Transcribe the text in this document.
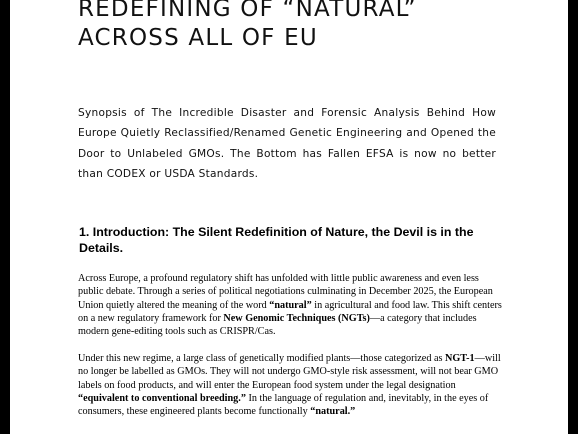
REDEFINING OF “NATURAL”
ACROSS ALL OF EU

Synopsis of The Incredible Disaster and Forensic Analysis Behind How Europe Quietly Reclassified/Renamed Genetic Engineering and Opened the Door to Unlabeled GMOs. The Bottom has Fallen EFSA is now no better than CODEX or USDA Standards.

1. Introduction: The Silent Redefinition of Nature, the Devil is in the Details.

Across Europe, a profound regulatory shift has unfolded with little public awareness and even less public debate. Through a series of political negotiations culminating in December 2025, the European Union quietly altered the meaning of the word “natural” in agricultural and food law. This shift centers on a new regulatory framework for New Genomic Techniques (NGTs)—a category that includes modern gene-editing tools such as CRISPR/Cas.

Under this new regime, a large class of genetically modified plants—those categorized as NGT-1—will no longer be labelled as GMOs. They will not undergo GMO-style risk assessment, will not bear GMO labels on food products, and will enter the European food system under the legal designation “equivalent to conventional breeding.” In the language of regulation and, inevitably, in the eyes of consumers, these engineered plants become functionally “natural.”
